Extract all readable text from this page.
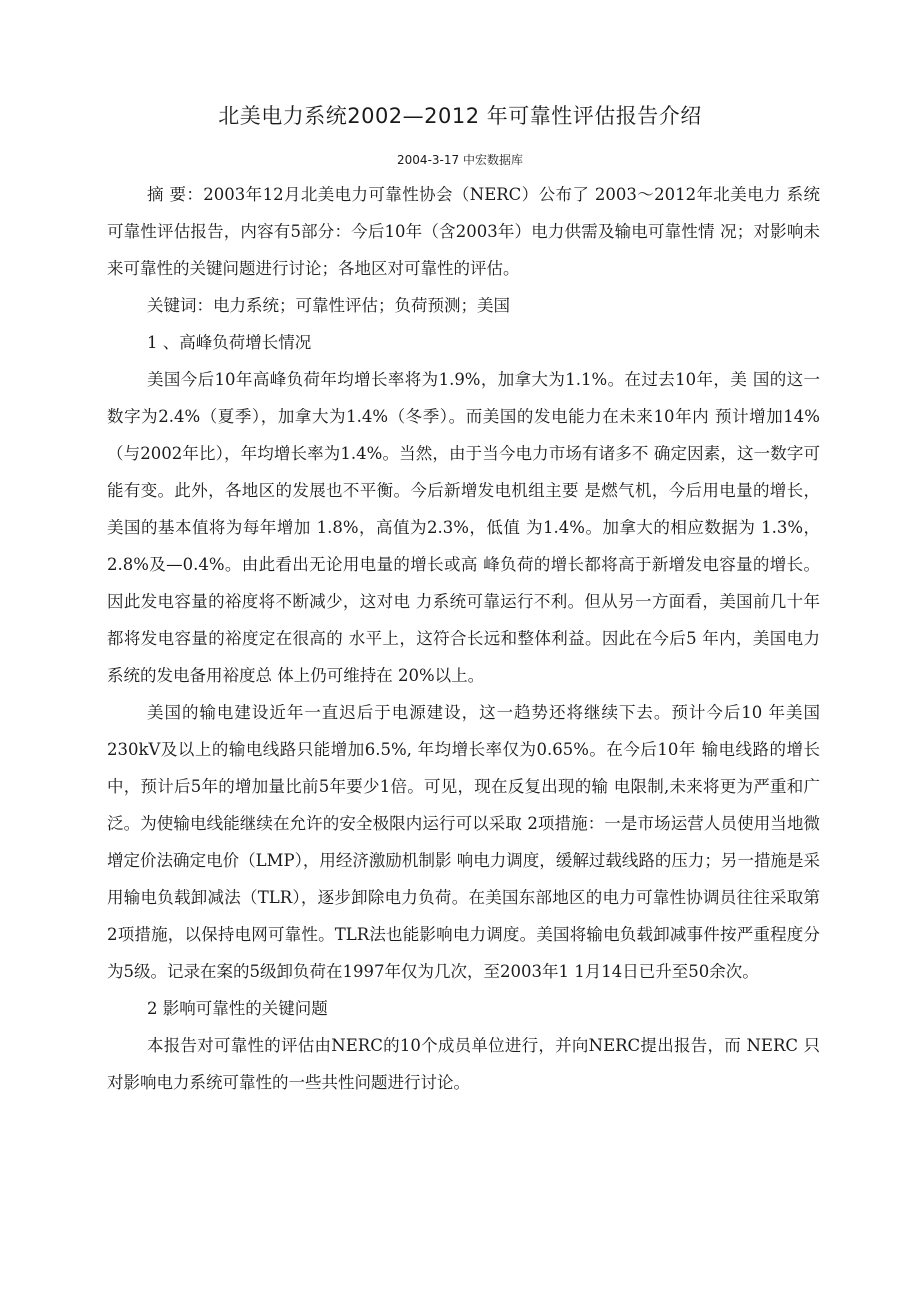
北美电力系统2002—2012 年可靠性评估报告介绍
2004-3-17 中宏数据库

摘 要：2003年12月北美电力可靠性协会（NERC）公布了 2003～2012年北美电力 系统可靠性评估报告，内容有5部分：今后10年（含2003年）电力供需及输电可靠性情 况；对影响未来可靠性的关键问题进行讨论；各地区对可靠性的评估。

关键词：电力系统；可靠性评估；负荷预测；美国

1 、高峰负荷增长情况

美国今后10年高峰负荷年均增长率将为1.9%，加拿大为1.1%。在过去10年，美 国的这一数字为2.4%（夏季），加拿大为1.4%（冬季）。而美国的发电能力在未来10年内 预计增加14%（与2002年比），年均增长率为1.4%。当然，由于当今电力市场有诸多不 确定因素，这一数字可能有变。此外，各地区的发展也不平衡。今后新增发电机组主要 是燃气机，今后用电量的增长，美国的基本值将为每年增加 1.8%，高值为2.3%，低值 为1.4%。加拿大的相应数据为 1.3%，2.8%及—0.4%。由此看出无论用电量的增长或高 峰负荷的增长都将高于新增发电容量的增长。因此发电容量的裕度将不断减少，这对电 力系统可靠运行不利。但从另一方面看，美国前几十年都将发电容量的裕度定在很高的 水平上，这符合长远和整体利益。因此在今后5 年内，美国电力系统的发电备用裕度总 体上仍可维持在 20%以上。

美国的输电建设近年一直迟后于电源建设，这一趋势还将继续下去。预计今后10 年美国230kV及以上的输电线路只能增加6.5%, 年均增长率仅为0.65%。在今后10年 输电线路的增长中，预计后5年的增加量比前5年要少1倍。可见，现在反复出现的输 电限制,未来将更为严重和广泛。为使输电线能继续在允许的安全极限内运行可以采取 2项措施：一是市场运营人员使用当地微增定价法确定电价（LMP），用经济激励机制影 响电力调度，缓解过载线路的压力；另一措施是采用输电负载卸减法（TLR），逐步卸除电力负荷。在美国东部地区的电力可靠性协调员往往采取第2项措施，以保持电网可靠性。TLR法也能影响电力调度。美国将输电负载卸减事件按严重程度分为5级。记录在案的5级卸负荷在1997年仅为几次，至2003年1 1月14日已升至50余次。

2 影响可靠性的关键问题

本报告对可靠性的评估由NERC的10个成员单位进行，并向NERC提出报告，而 NERC 只对影响电力系统可靠性的一些共性问题进行讨论。
